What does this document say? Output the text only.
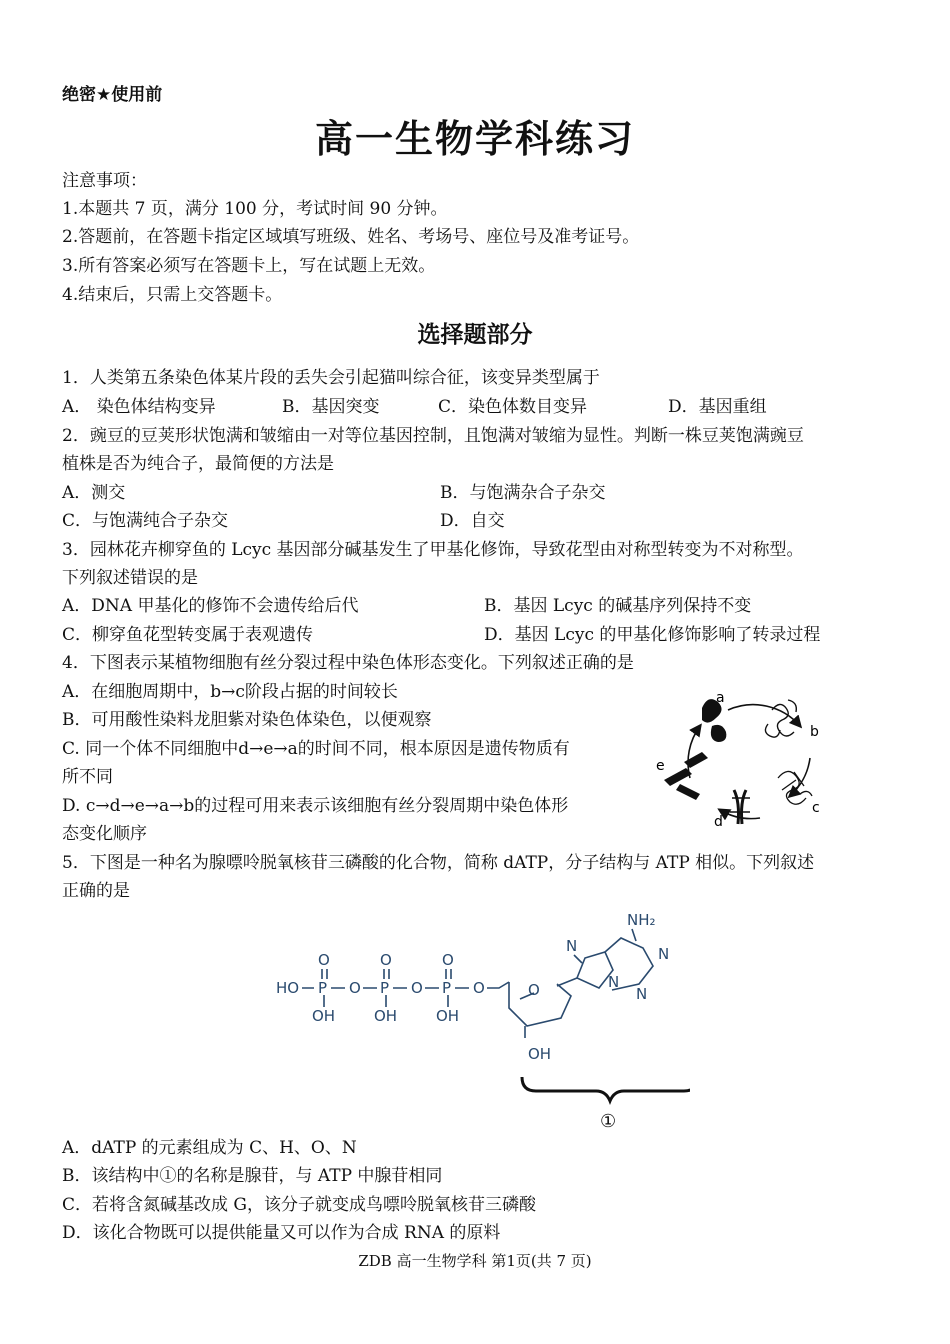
绝密★使用前
高一生物学科练习
注意事项：
1.本题共 7 页，满分 100 分，考试时间 90 分钟。
2.答题前，在答题卡指定区域填写班级、姓名、考场号、座位号及准考证号。
3.所有答案必须写在答题卡上，写在试题上无效。
4.结束后，只需上交答题卡。
选择题部分
1．人类第五条染色体某片段的丢失会引起猫叫综合征，该变异类型属于
A． 染色体结构变异	B．基因突变	C．染色体数目变异	D．基因重组
2．豌豆的豆荚形状饱满和皱缩由一对等位基因控制，且饱满对皱缩为显性。判断一株豆荚饱满豌豆
植株是否为纯合子，最简便的方法是
A．测交	B．与饱满杂合子杂交
C．与饱满纯合子杂交	D．自交
3．园林花卉柳穿鱼的 Lcyc 基因部分碱基发生了甲基化修饰，导致花型由对称型转变为不对称型。
下列叙述错误的是
A．DNA 甲基化的修饰不会遗传给后代	B．基因 Lcyc 的碱基序列保持不变
C．柳穿鱼花型转变属于表观遗传	D．基因 Lcyc 的甲基化修饰影响了转录过程
4．下图表示某植物细胞有丝分裂过程中染色体形态变化。下列叙述正确的是
A．在细胞周期中，b→c阶段占据的时间较长
B．可用酸性染料龙胆紫对染色体染色，以便观察
C. 同一个体不同细胞中d→e→a的时间不同，根本原因是遗传物质有
所不同
D. c→d→e→a→b的过程可用来表示该细胞有丝分裂周期中染色体形
态变化顺序
a
b
c
d
e
5．下图是一种名为腺嘌呤脱氧核苷三磷酸的化合物，简称 dATP，分子结构与 ATP 相似。下列叙述
正确的是
HO P	P	P
O	O	O
O	O	O
OH	OH	OH
OH
O
NH₂
N
N
N
N
①
A．dATP 的元素组成为 C、H、O、N
B．该结构中①的名称是腺苷，与 ATP 中腺苷相同
C．若将含氮碱基改成 G，该分子就变成鸟嘌呤脱氧核苷三磷酸
D．该化合物既可以提供能量又可以作为合成 RNA 的原料
ZDB 高一生物学科 第1页(共 7 页)
